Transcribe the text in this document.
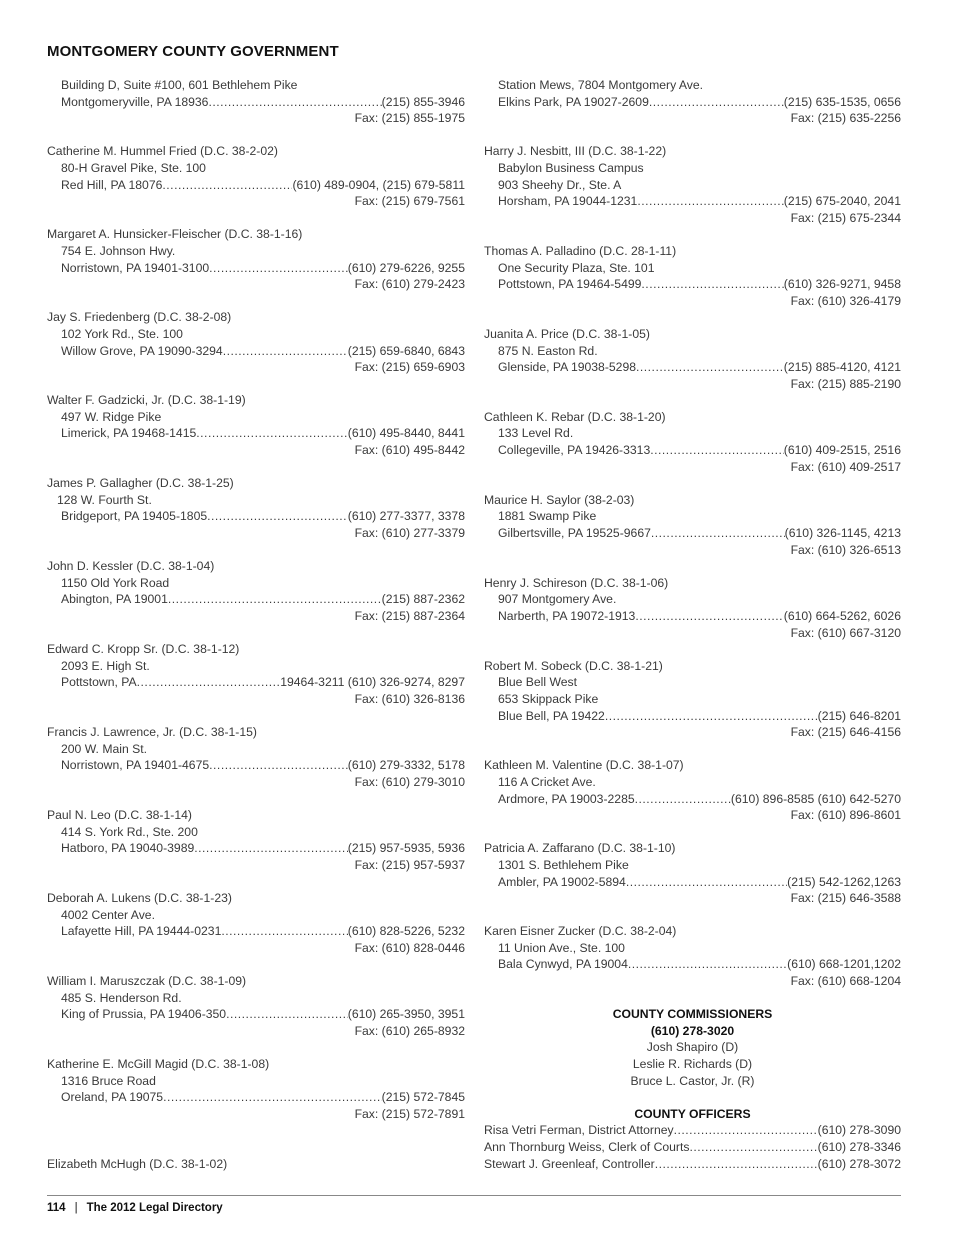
MONTGOMERY COUNTY GOVERNMENT
Building D, Suite #100, 601 Bethlehem Pike
Montgomeryville, PA 18936 .....	(215) 855-3946
Fax: (215) 855-1975
Catherine M. Hummel Fried (D.C. 38-2-02)
80-H Gravel Pike, Ste. 100
Red Hill, PA 18076 .....	(610) 489-0904, (215) 679-5811
Fax: (215) 679-7561
Margaret A. Hunsicker-Fleischer (D.C. 38-1-16)
754 E. Johnson Hwy.
Norristown, PA 19401-3100 .....	(610) 279-6226, 9255
Fax: (610) 279-2423
Jay S. Friedenberg (D.C. 38-2-08)
102 York Rd., Ste. 100
Willow Grove, PA 19090-3294 .....	(215) 659-6840, 6843
Fax: (215) 659-6903
Walter F. Gadzicki, Jr. (D.C. 38-1-19)
497 W. Ridge Pike
Limerick, PA 19468-1415 .....	(610) 495-8440, 8441
Fax: (610) 495-8442
James P. Gallagher (D.C. 38-1-25)
128 W. Fourth St.
Bridgeport, PA 19405-1805 .....	(610) 277-3377, 3378
Fax: (610) 277-3379
John D. Kessler (D.C. 38-1-04)
1150 Old York Road
Abington, PA 19001 .....	(215) 887-2362
Fax: (215) 887-2364
Edward C. Kropp Sr. (D.C. 38-1-12)
2093 E. High St.
Pottstown, PA .....	19464-3211 (610) 326-9274, 8297
Fax: (610) 326-8136
Francis J. Lawrence, Jr. (D.C. 38-1-15)
200 W. Main St.
Norristown, PA 19401-4675 .....	(610) 279-3332, 5178
Fax: (610) 279-3010
Paul N. Leo (D.C. 38-1-14)
414 S. York Rd., Ste. 200
Hatboro, PA 19040-3989 .....	(215) 957-5935, 5936
Fax: (215) 957-5937
Deborah A. Lukens (D.C. 38-1-23)
4002 Center Ave.
Lafayette Hill, PA 19444-0231 .....	(610) 828-5226, 5232
Fax: (610) 828-0446
William I. Maruszczak (D.C. 38-1-09)
485 S. Henderson Rd.
King of Prussia, PA 19406-350 .....	(610) 265-3950, 3951
Fax: (610) 265-8932
Katherine E. McGill Magid (D.C. 38-1-08)
1316 Bruce Road
Oreland, PA 19075 .....	(215) 572-7845
Fax: (215) 572-7891
Elizabeth McHugh (D.C. 38-1-02)
Station Mews, 7804 Montgomery Ave.
Elkins Park, PA 19027-2609 .....	(215) 635-1535, 0656
Fax: (215) 635-2256
Harry J. Nesbitt, III (D.C. 38-1-22)
Babylon Business Campus
903 Sheehy Dr., Ste. A
Horsham, PA 19044-1231 .....	(215) 675-2040, 2041
Fax: (215) 675-2344
Thomas A. Palladino (D.C. 28-1-11)
One Security Plaza, Ste. 101
Pottstown, PA 19464-5499 .....	(610) 326-9271, 9458
Fax: (610) 326-4179
Juanita A. Price (D.C. 38-1-05)
875 N. Easton Rd.
Glenside, PA 19038-5298 .....	(215) 885-4120, 4121
Fax: (215) 885-2190
Cathleen K. Rebar (D.C. 38-1-20)
133 Level Rd.
Collegeville, PA 19426-3313 .....	(610) 409-2515, 2516
Fax: (610) 409-2517
Maurice H. Saylor (38-2-03)
1881 Swamp Pike
Gilbertsville, PA 19525-9667 .....	(610) 326-1145, 4213
Fax: (610) 326-6513
Henry J. Schireson (D.C. 38-1-06)
907 Montgomery Ave.
Narberth, PA 19072-1913 .....	(610) 664-5262, 6026
Fax: (610) 667-3120
Robert M. Sobeck (D.C. 38-1-21)
Blue Bell West
653 Skippack Pike
Blue Bell, PA 19422 .....	(215) 646-8201
Fax: (215) 646-4156
Kathleen M. Valentine (D.C. 38-1-07)
116 A Cricket Ave.
Ardmore, PA 19003-2285 .....	(610) 896-8585 (610) 642-5270
Fax: (610) 896-8601
Patricia A. Zaffarano (D.C. 38-1-10)
1301 S. Bethlehem Pike
Ambler, PA 19002-5894 .....	(215) 542-1262,1263
Fax: (215) 646-3588
Karen Eisner Zucker (D.C. 38-2-04)
11 Union Ave., Ste. 100
Bala Cynwyd, PA 19004 .....	(610) 668-1201,1202
Fax: (610) 668-1204
COUNTY COMMISSIONERS
(610) 278-3020
Josh Shapiro (D)
Leslie R. Richards (D)
Bruce L. Castor, Jr. (R)
COUNTY OFFICERS
Risa Vetri Ferman, District Attorney .....	(610) 278-3090
Ann Thornburg Weiss, Clerk of Courts .....	(610) 278-3346
Stewart J. Greenleaf, Controller .....	(610) 278-3072
114 | The 2012 Legal Directory
